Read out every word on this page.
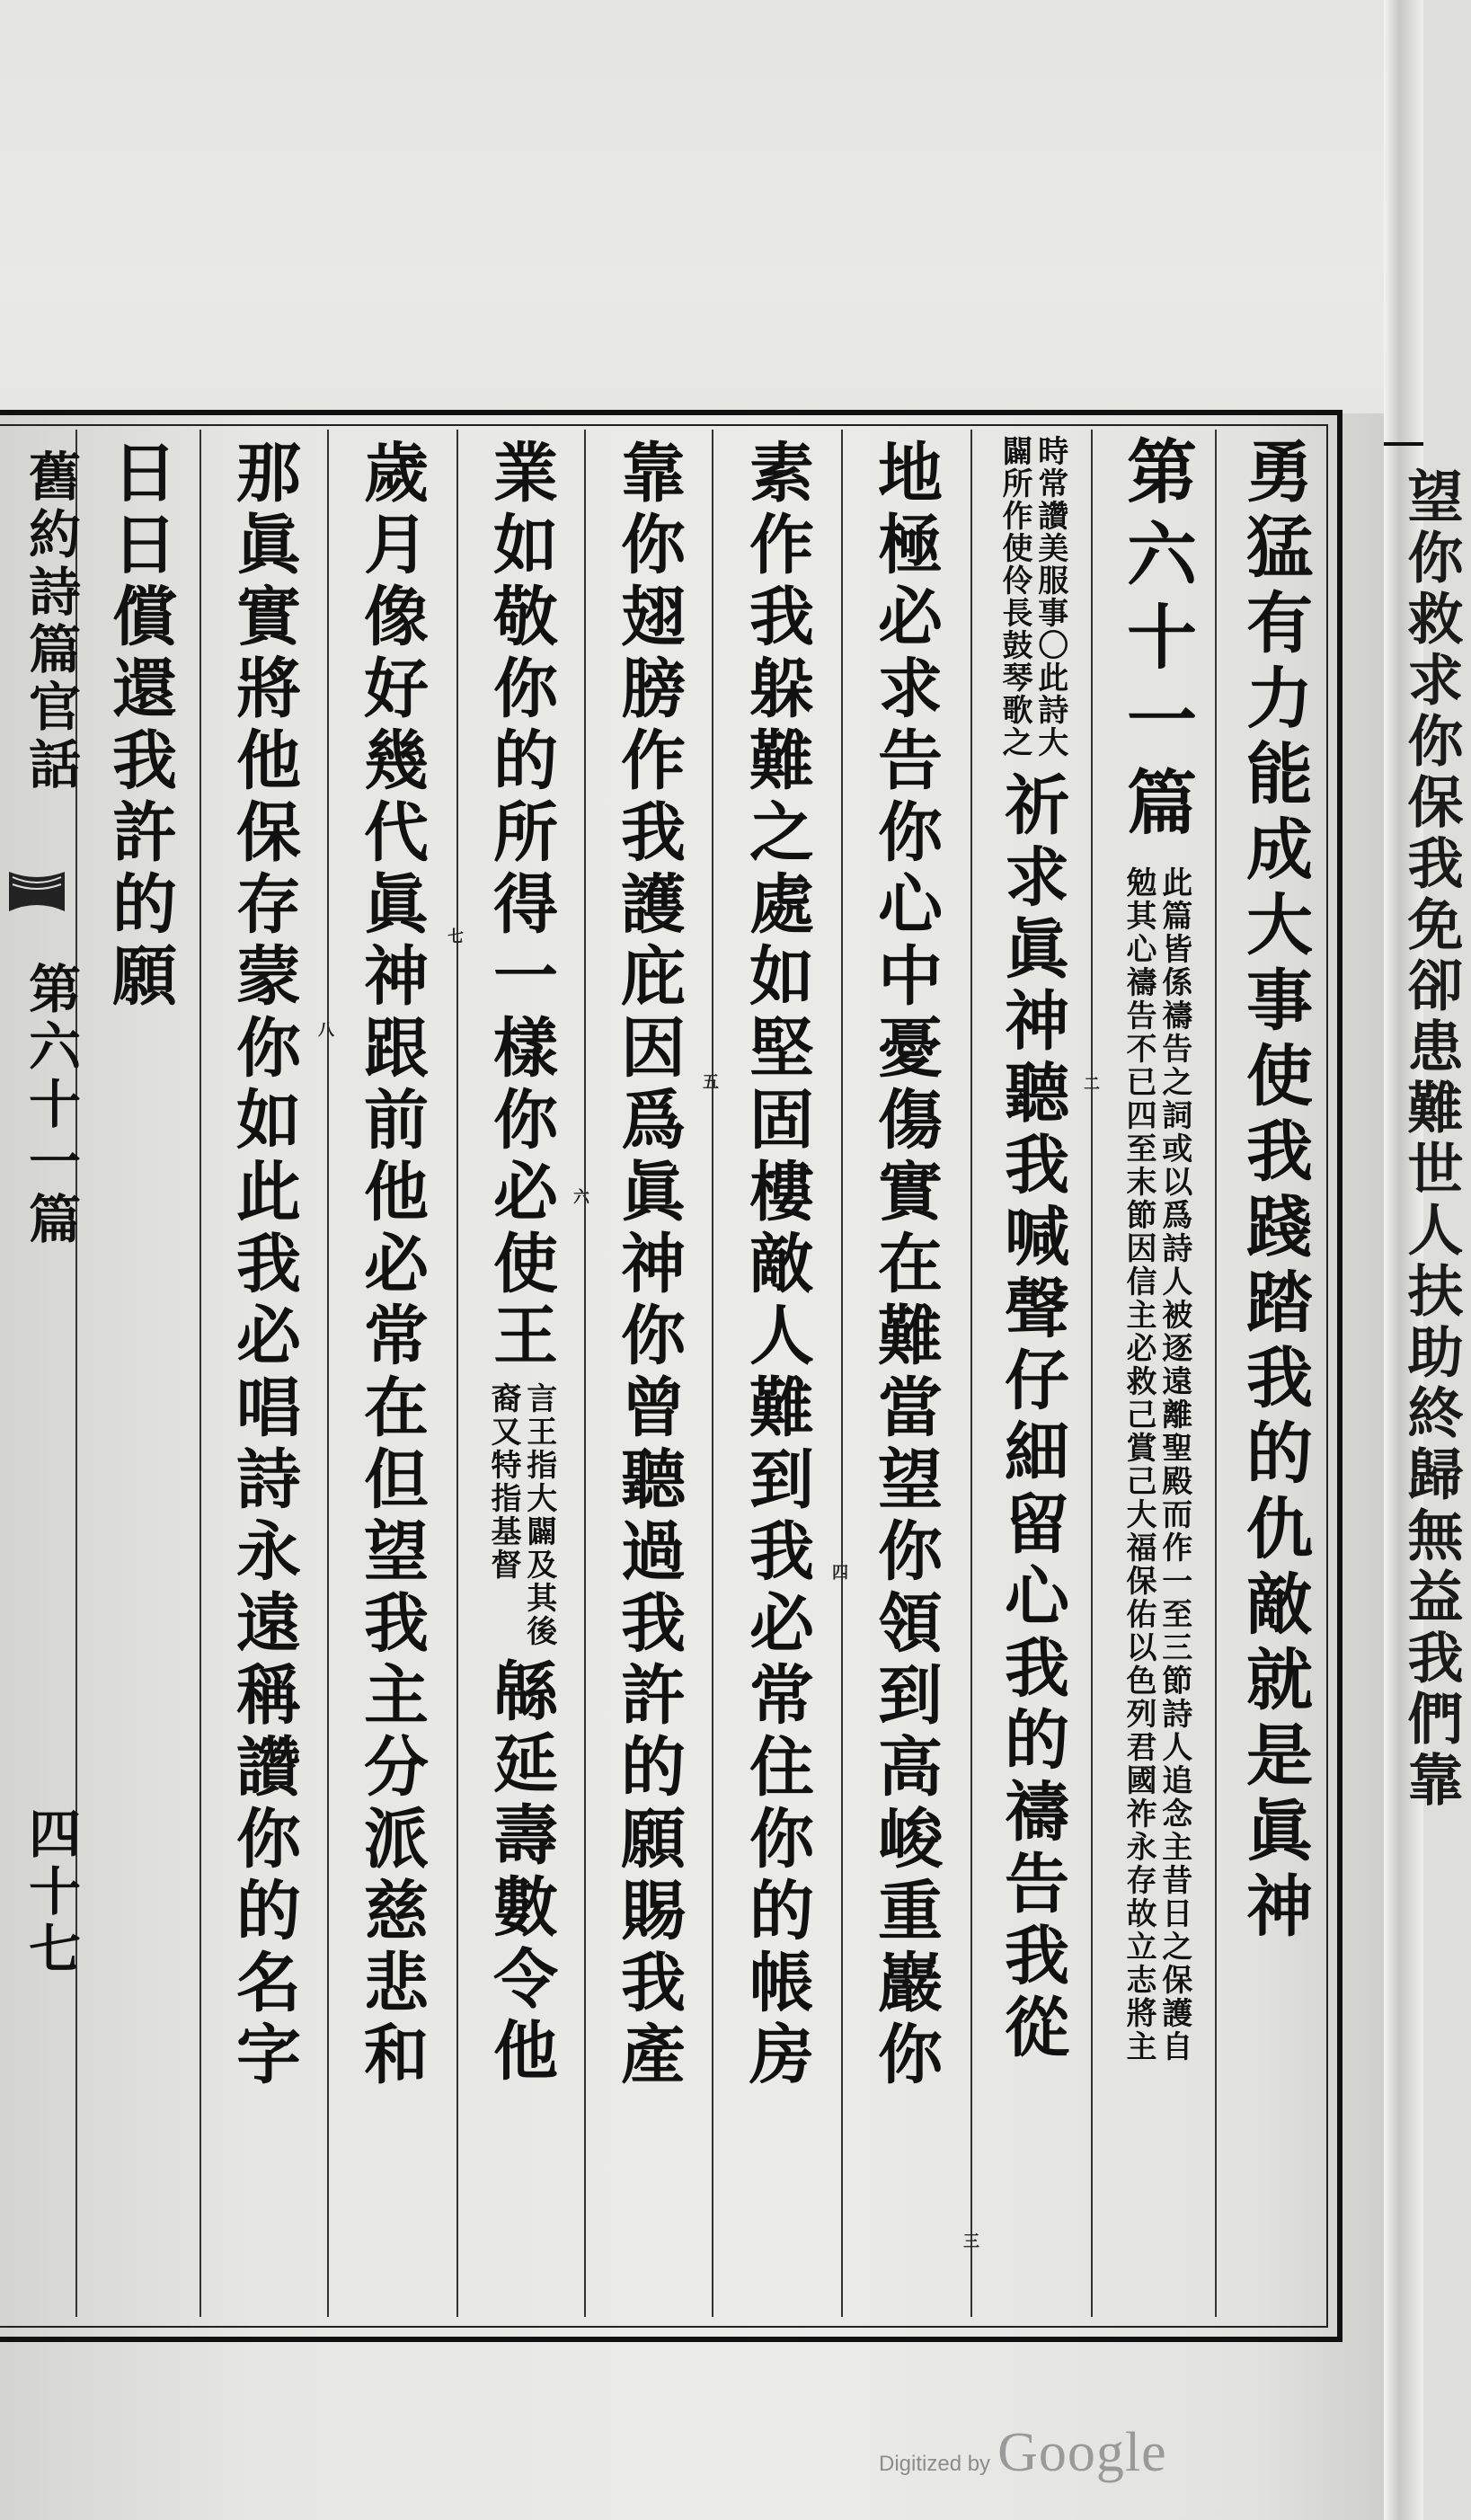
望你救求你保我免卻患難世人扶助終歸無益我們靠
勇猛有力能成大事使我踐踏我的仇敵就是眞神
第六十一篇
此篇皆係禱告之詞或以爲詩人被逐遠離聖殿而作一至三節詩人追念主昔日之保護自
勉其心禱告不已四至末節因信主必救己賞己大福保佑以色列君國祚永存故立志將主
時常讚美服事〇此詩大
闢所作使伶長鼓琴歌之
祈求眞神聽我喊聲仔細留心我的禱告我從
地極必求告你心中憂傷實在難當望你領到高峻重巖你
素作我躲難之處如堅固樓敵人難到我必常住你的帳房
靠你翅膀作我護庇因爲眞神你曾聽過我許的願賜我產
業如敬你的所得一樣你必使王
言王指大闢及其後
裔又特指基督
緜延壽數令他
歲月像好幾代眞神跟前他必常在但望我主分派慈悲和
那眞實將他保存蒙你如此我必唱詩永遠稱讚你的名字
日日償還我許的願
舊約詩篇官話
第六十一篇
四十七
二
三
四
五
六
七
八
Digitized by Google
